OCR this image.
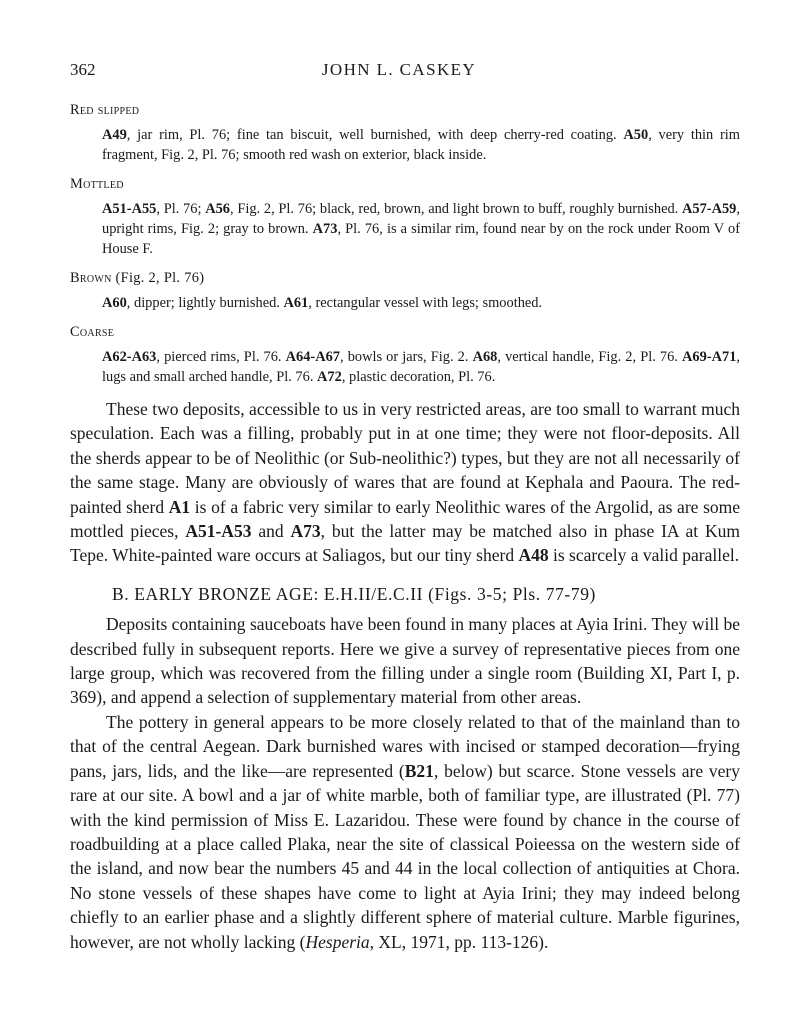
362	JOHN L. CASKEY
Red slipped
A49, jar rim, Pl. 76; fine tan biscuit, well burnished, with deep cherry-red coating. A50, very thin rim fragment, Fig. 2, Pl. 76; smooth red wash on exterior, black inside.
Mottled
A51-A55, Pl. 76; A56, Fig. 2, Pl. 76; black, red, brown, and light brown to buff, roughly burnished. A57-A59, upright rims, Fig. 2; gray to brown. A73, Pl. 76, is a similar rim, found near by on the rock under Room V of House F.
Brown (Fig. 2, Pl. 76)
A60, dipper; lightly burnished. A61, rectangular vessel with legs; smoothed.
Coarse
A62-A63, pierced rims, Pl. 76. A64-A67, bowls or jars, Fig. 2. A68, vertical handle, Fig. 2, Pl. 76. A69-A71, lugs and small arched handle, Pl. 76. A72, plastic decoration, Pl. 76.

These two deposits, accessible to us in very restricted areas, are too small to warrant much speculation. Each was a filling, probably put in at one time; they were not floor-deposits. All the sherds appear to be of Neolithic (or Sub-neolithic?) types, but they are not all necessarily of the same stage. Many are obviously of wares that are found at Kephala and Paoura. The red-painted sherd A1 is of a fabric very similar to early Neolithic wares of the Argolid, as are some mottled pieces, A51-A53 and A73, but the latter may be matched also in phase IA at Kum Tepe. White-painted ware occurs at Saliagos, but our tiny sherd A48 is scarcely a valid parallel.

B. EARLY BRONZE AGE: E.H.II/E.C.II (Figs. 3-5; Pls. 77-79)

Deposits containing sauceboats have been found in many places at Ayia Irini. They will be described fully in subsequent reports. Here we give a survey of representative pieces from one large group, which was recovered from the filling under a single room (Building XI, Part I, p. 369), and append a selection of supplementary material from other areas.

The pottery in general appears to be more closely related to that of the mainland than to that of the central Aegean. Dark burnished wares with incised or stamped decoration—frying pans, jars, lids, and the like—are represented (B21, below) but scarce. Stone vessels are very rare at our site. A bowl and a jar of white marble, both of familiar type, are illustrated (Pl. 77) with the kind permission of Miss E. Lazaridou. These were found by chance in the course of roadbuilding at a place called Plaka, near the site of classical Poieessa on the western side of the island, and now bear the numbers 45 and 44 in the local collection of antiquities at Chora. No stone vessels of these shapes have come to light at Ayia Irini; they may indeed belong chiefly to an earlier phase and a slightly different sphere of material culture. Marble figurines, however, are not wholly lacking (Hesperia, XL, 1971, pp. 113-126).
